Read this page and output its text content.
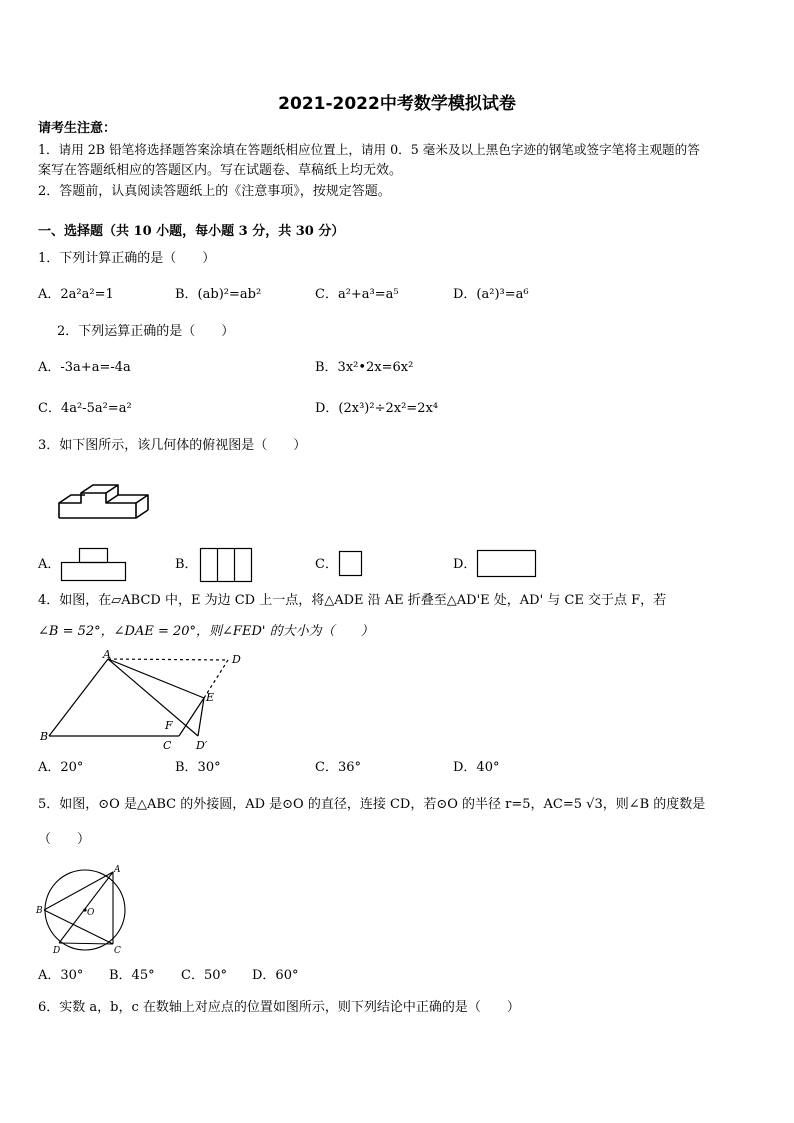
2021-2022中考数学模拟试卷
请考生注意：
1．请用 2B 铅笔将选择题答案涂填在答题纸相应位置上，请用 0．5 毫米及以上黑色字迹的钢笔或签字笔将主观题的答
案写在答题纸相应的答题区内。写在试题卷、草稿纸上均无效。
2．答题前，认真阅读答题纸上的《注意事项》，按规定答题。
一、选择题（共 10 小题，每小题 3 分，共 30 分）
1．下列计算正确的是（　　）
A．2a²a²=1	B．(ab)²=ab²	C．a²+a³=a⁵	D．(a²)³=a⁶
2．下列运算正确的是（　　）
A．-3a+a=-4a	B．3x²•2x=6x²
C．4a²-5a²=a²	D．(2x³)²÷2x²=2x⁴
3．如下图所示，该几何体的俯视图是（　　）
A．	B．	C．	D．
4．如图，在▱ABCD 中，E 为边 CD 上一点，将△ADE 沿 AE 折叠至△AD'E 处，AD' 与 CE 交于点 F，若
∠B = 52°，∠DAE = 20°，则∠FED' 的大小为（　　）
A
B
C
D
E
F
D′
A．20°	B．30°	C．36°	D．40°
5．如图，⊙O 是△ABC 的外接圆，AD 是⊙O 的直径，连接 CD，若⊙O 的半径 r=5，AC=5 √3，则∠B 的度数是
（　　）
A
B
C
D
O
A．30° B．45° C．50° D．60°
6．实数 a，b，c 在数轴上对应点的位置如图所示，则下列结论中正确的是（　　）
